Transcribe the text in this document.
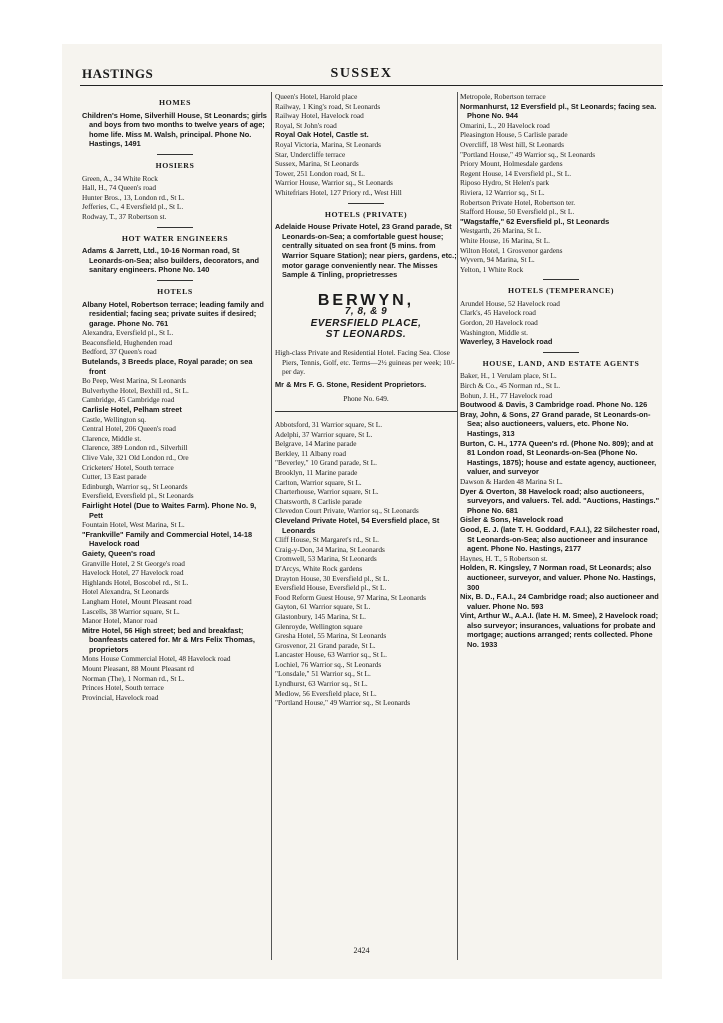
HASTINGS	SUSSEX
HOMES

Children's Home, Silverhill House, St Leonards; girls and boys from two months to twelve years of age; home life. Miss M. Walsh, principal. Phone No. Hastings, 1491

HOSIERS

Green, A., 34 White Rock

Hall, H., 74 Queen's road

Hunter Bros., 13, London rd., St L.

Jefferies, C., 4 Eversfield pl., St L.

Rodway, T., 37 Robertson st.

HOT WATER ENGINEERS

Adams & Jarrett, Ltd., 10-16 Norman road, St Leonards-on-Sea; also builders, decorators, and sanitary engineers. Phone No. 140

HOTELS

Albany Hotel, Robertson terrace; leading family and residential; facing sea; private suites if desired; garage. Phone No. 761

Alexandra, Eversfield pl., St L.

Beaconsfield, Hughenden road

Bedford, 37 Queen's road

Butelands, 3 Breeds place, Royal parade; on sea front

Bo Peep, West Marina, St Leonards

Bulverhythe Hotel, Bexhill rd., St L.

Cambridge, 45 Cambridge road

Carlisle Hotel, Pelham street

Castle, Wellington sq.

Central Hotel, 206 Queen's road

Clarence, Middle st.

Clarence, 389 London rd., Silverhill

Clive Vale, 321 Old London rd., Ore

Cricketers' Hotel, South terrace

Cutter, 13 East parade

Edinburgh, Warrior sq., St Leonards

Eversfield, Eversfield pl., St Leonards

Fairlight Hotel (Due to Waites Farm). Phone No. 9, Pett

Fountain Hotel, West Marina, St L.

"Frankville" Family and Commercial Hotel, 14-18 Havelock road

Gaiety, Queen's road

Granville Hotel, 2 St George's road

Havelock Hotel, 27 Havelock road

Highlands Hotel, Boscobel rd., St L.

Hotel Alexandra, St Leonards

Langham Hotel, Mount Pleasant road

Lascells, 38 Warrior square, St L.

Manor Hotel, Manor road

Mitre Hotel, 56 High street; bed and breakfast; boanfeasts catered for. Mr & Mrs Felix Thomas, proprietors

Mons House Commercial Hotel, 48 Havelock road

Mount Pleasant, 88 Mount Pleasant rd

Norman (The), 1 Norman rd., St L.

Princes Hotel, South terrace

Provincial, Havelock road

Queen's Hotel, Harold place

Railway, 1 King's road, St Leonards

Railway Hotel, Havelock road

Royal, St John's road

Royal Oak Hotel, Castle st.

Royal Victoria, Marina, St Leonards

Star, Undercliffe terrace

Sussex, Marina, St Leonards

Tower, 251 London road, St L.

Warrior House, Warrior sq., St Leonards

Whitefriars Hotel, 127 Priory rd., West Hill

HOTELS (PRIVATE)

Adelaide House Private Hotel, 23 Grand parade, St Leonards-on-Sea; a comfortable guest house; centrally situated on sea front (5 mins. from Warrior Square Station); near piers, gardens, etc.; motor garage conveniently near. The Misses Sample & Tinling, proprietresses

BERWYN,

7, 8, & 9

EVERSFIELD PLACE,

ST LEONARDS.

High-class Private and Residential Hotel. Facing Sea. Close Piers, Tennis, Golf, etc. Terms—2½ guineas per week; 10/- per day.

Mr & Mrs F. G. Stone, Resident Proprietors.

Phone No. 649.

Abbotsford, 31 Warrior square, St L.

Adelphi, 37 Warrior square, St L.

Belgrave, 14 Marine parade

Berkley, 11 Albany road

"Beverley," 10 Grand parade, St L.

Brooklyn, 11 Marine parade

Carlton, Warrior square, St L.

Charterhouse, Warrior square, St L.

Chatsworth, 8 Carlisle parade

Clevedon Court Private, Warrior sq., St Leonards

Cleveland Private Hotel, 54 Eversfield place, St Leonards

Cliff House, St Margaret's rd., St L.

Craig-y-Don, 34 Marina, St Leonards

Cromwell, 53 Marina, St Leonards

D'Arcys, White Rock gardens

Drayton House, 30 Eversfield pl., St L.

Eversfield House, Eversfield pl., St L.

Food Reform Guest House, 97 Marina, St Leonards

Gayton, 61 Warrior square, St L.

Glastonbury, 145 Marina, St L.

Glenroyde, Wellington square

Gresha Hotel, 55 Marina, St Leonards

Grosvenor, 21 Grand parade, St L.

Lancaster House, 63 Warrior sq., St L.

Lochiel, 76 Warrior sq., St Leonards

"Lonsdale," 51 Warrior sq., St L.

Lyndhurst, 63 Warrior sq., St L.

Medlow, 56 Eversfield place, St L.

"Portland House," 49 Warrior sq., St Leonards

Metropole, Robertson terrace

Normanhurst, 12 Eversfield pl., St Leonards; facing sea. Phone No. 944

Omarini, L., 20 Havelock road

Pleasington House, 5 Carlisle parade

Overcliff, 18 West hill, St Leonards

"Portland House," 49 Warrior sq., St Leonards

Priory Mount, Holmesdale gardens

Regent House, 14 Eversfield pl., St L.

Riposo Hydro, St Helen's park

Riviera, 12 Warrior sq., St L.

Robertson Private Hotel, Robertson ter.

Stafford House, 50 Eversfield pl., St L.

"Wagstaffe," 62 Eversfield pl., St Leonards

Westgarth, 26 Marina, St L.

White House, 16 Marina, St L.

Wilton Hotel, 1 Grosvenor gardens

Wyvern, 94 Marina, St L.

Yelton, 1 White Rock

HOTELS (TEMPERANCE)

Arundel House, 52 Havelock road

Clark's, 45 Havelock road

Gordon, 20 Havelock road

Washington, Middle st.

Waverley, 3 Havelock road

HOUSE, LAND, AND ESTATE AGENTS

Baker, H., 1 Verulam place, St L.

Birch & Co., 45 Norman rd., St L.

Bohun, J. H., 77 Havelock road

Boutwood & Davis, 3 Cambridge road. Phone No. 126

Bray, John, & Sons, 27 Grand parade, St Leonards-on-Sea; also auctioneers, valuers, etc. Phone No. Hastings, 313

Burton, C. H., 177A Queen's rd. (Phone No. 809); and at 81 London road, St Leonards-on-Sea (Phone No. Hastings, 1875); house and estate agency, auctioneer, valuer, and surveyor

Dawson & Harden 48 Marina St L.

Dyer & Overton, 38 Havelock road; also auctioneers, surveyors, and valuers. Tel. add. "Auctions, Hastings." Phone No. 681

Gisler & Sons, Havelock road

Good, E. J. (late T. H. Goddard, F.A.I.), 22 Silchester road, St Leonards-on-Sea; also auctioneer and insurance agent. Phone No. Hastings, 2177

Haynes, H. T., 5 Robertson st.

Holden, R. Kingsley, 7 Norman road, St Leonards; also auctioneer, surveyor, and valuer. Phone No. Hastings, 300

Nix, B. D., F.A.I., 24 Cambridge road; also auctioneer and valuer. Phone No. 593

Vint, Arthur W., A.A.I. (late H. M. Smee), 2 Havelock road; also surveyor; insurances, valuations for probate and mortgage; auctions arranged; rents collected. Phone No. 1933

2424
